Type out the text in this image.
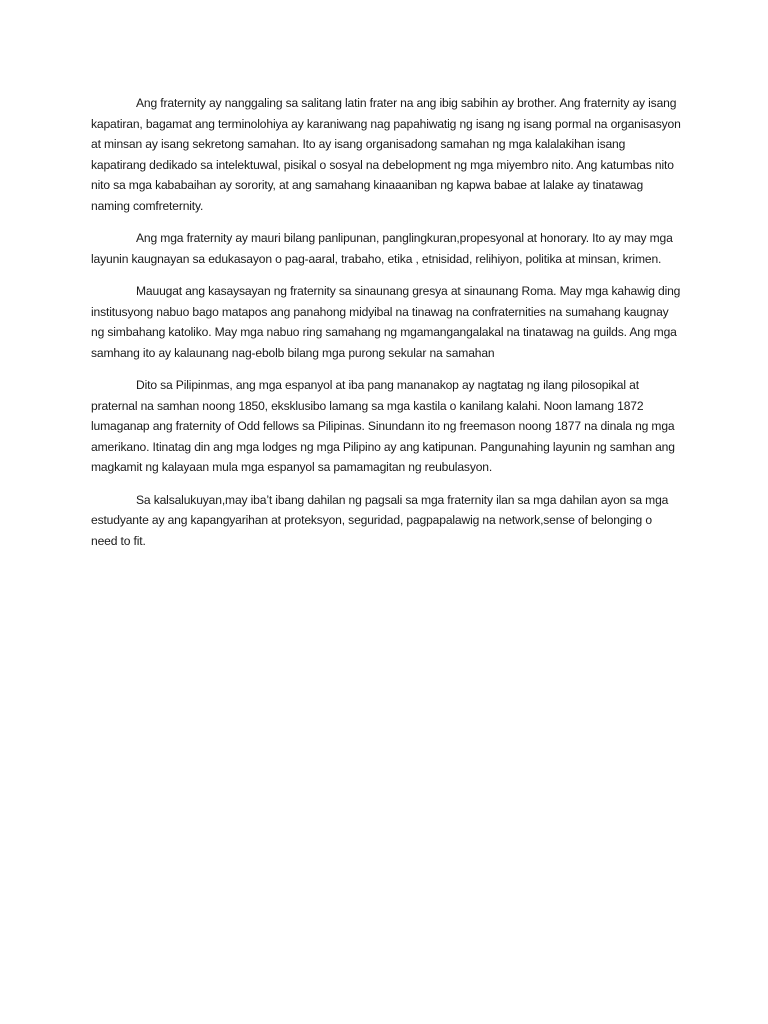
Ang fraternity ay nanggaling sa salitang latin frater na ang ibig sabihin ay brother. Ang fraternity ay isang kapatiran, bagamat ang terminolohiya ay karaniwang nag papahiwatig ng isang ng isang pormal na organisasyon at minsan ay isang sekretong samahan. Ito ay isang organisadong samahan ng mga kalalakihan isang kapatirang dedikado sa intelektuwal, pisikal o sosyal na debelopment ng mga miyembro nito. Ang katumbas nito nito sa mga kababaihan ay sorority, at ang samahang kinaaaniban ng kapwa babae at lalake ay tinatawag naming comfreternity.

Ang mga fraternity ay mauri bilang panlipunan, panglingkuran,propesyonal at honorary. Ito ay may mga layunin kaugnayan sa edukasayon o pag-aaral, trabaho, etika , etnisidad, relihiyon, politika at minsan, krimen.

Mauugat ang kasaysayan ng fraternity sa sinaunang gresya at sinaunang Roma. May mga kahawig ding institusyong nabuo bago matapos ang panahong midyibal na tinawag na confraternities na sumahang kaugnay ng simbahang katoliko. May mga nabuo ring samahang ng mgamangangalakal na tinatawag na guilds. Ang mga samhang ito ay kalaunang nag-ebolb bilang mga purong sekular na samahan

Dito sa Pilipinmas, ang mga espanyol at iba pang mananakop ay nagtatag ng ilang pilosopikal at praternal na samhan noong 1850, eksklusibo lamang sa mga kastila o kanilang kalahi. Noon lamang 1872 lumaganap ang fraternity of Odd fellows sa Pilipinas. Sinundann ito ng freemason noong 1877 na dinala ng mga amerikano. Itinatag din ang mga lodges ng mga Pilipino ay ang katipunan. Pangunahing layunin ng samhan ang magkamit ng kalayaan mula mga espanyol sa pamamagitan ng reubulasyon.

Sa kalsalukuyan,may iba’t ibang dahilan ng pagsali sa mga fraternity ilan sa mga dahilan ayon sa mga estudyante ay ang kapangyarihan at proteksyon, seguridad, pagpapalawig na network,sense of belonging o need to fit.
